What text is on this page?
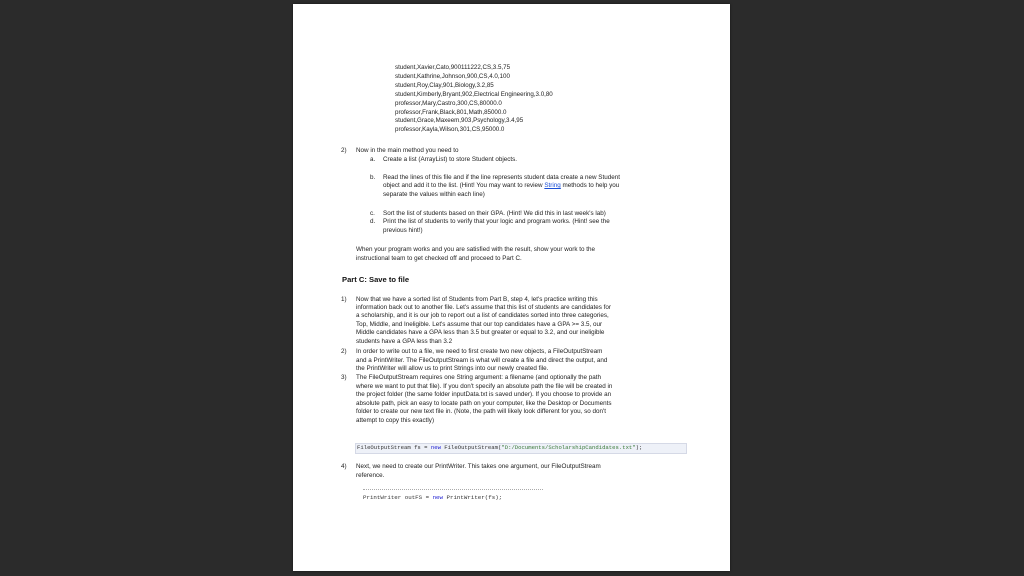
student,Xavier,Cato,900111222,CS,3.5,75
student,Kathrine,Johnson,900,CS,4.0,100
student,Roy,Clay,901,Biology,3.2,85
student,Kimberly,Bryant,902,Electrical Engineering,3.0,80
professor,Mary,Castro,300,CS,80000.0
professor,Frank,Black,801,Math,85000.0
student,Grace,Maxeem,903,Psychology,3.4,95
professor,Kayla,Wilson,301,CS,95000.0
2) Now in the main method you need to
a. Create a list (ArrayList) to store Student objects.
b. Read the lines of this file and if the line represents student data create a new Student
object and add it to the list. (Hint! You may want to review String methods to help you
separate the values within each line)
c. Sort the list of students based on their GPA. (Hint! We did this in last week's lab)
d. Print the list of students to verify that your logic and program works. (Hint! see the
previous hint!)
When your program works and you are satisfied with the result, show your work to the
instructional team to get checked off and proceed to Part C.
Part C: Save to file
1) Now that we have a sorted list of Students from Part B, step 4, let's practice writing this
information back out to another file. Let's assume that this list of students are candidates for
a scholarship, and it is our job to report out a list of candidates sorted into three categories,
Top, Middle, and Ineligible. Let's assume that our top candidates have a GPA >= 3.5, our
Middle candidates have a GPA less than 3.5 but greater or equal to 3.2, and our ineligible
students have a GPA less than 3.2
2) In order to write out to a file, we need to first create two new objects, a FileOutputStream
and a PrintWriter. The FileOutputStream is what will create a file and direct the output, and
the PrintWriter will allow us to print Strings into our newly created file.
3) The FileOutputStream requires one String argument: a filename (and optionally the path
where we want to put that file). If you don't specify an absolute path the file will be created in
the project folder (the same folder inputData.txt is saved under). If you choose to provide an
absolute path, pick an easy to locate path on your computer, like the Desktop or Documents
folder to create our new text file in. (Note, the path will likely look different for you, so don't
attempt to copy this exactly)
FileOutputStream fs = new FileOutputStream("D:/Documents/ScholarshipCandidates.txt");
4) Next, we need to create our PrintWriter. This takes one argument, our FileOutputStream
reference.
PrintWriter outFS = new PrintWriter(fs);
